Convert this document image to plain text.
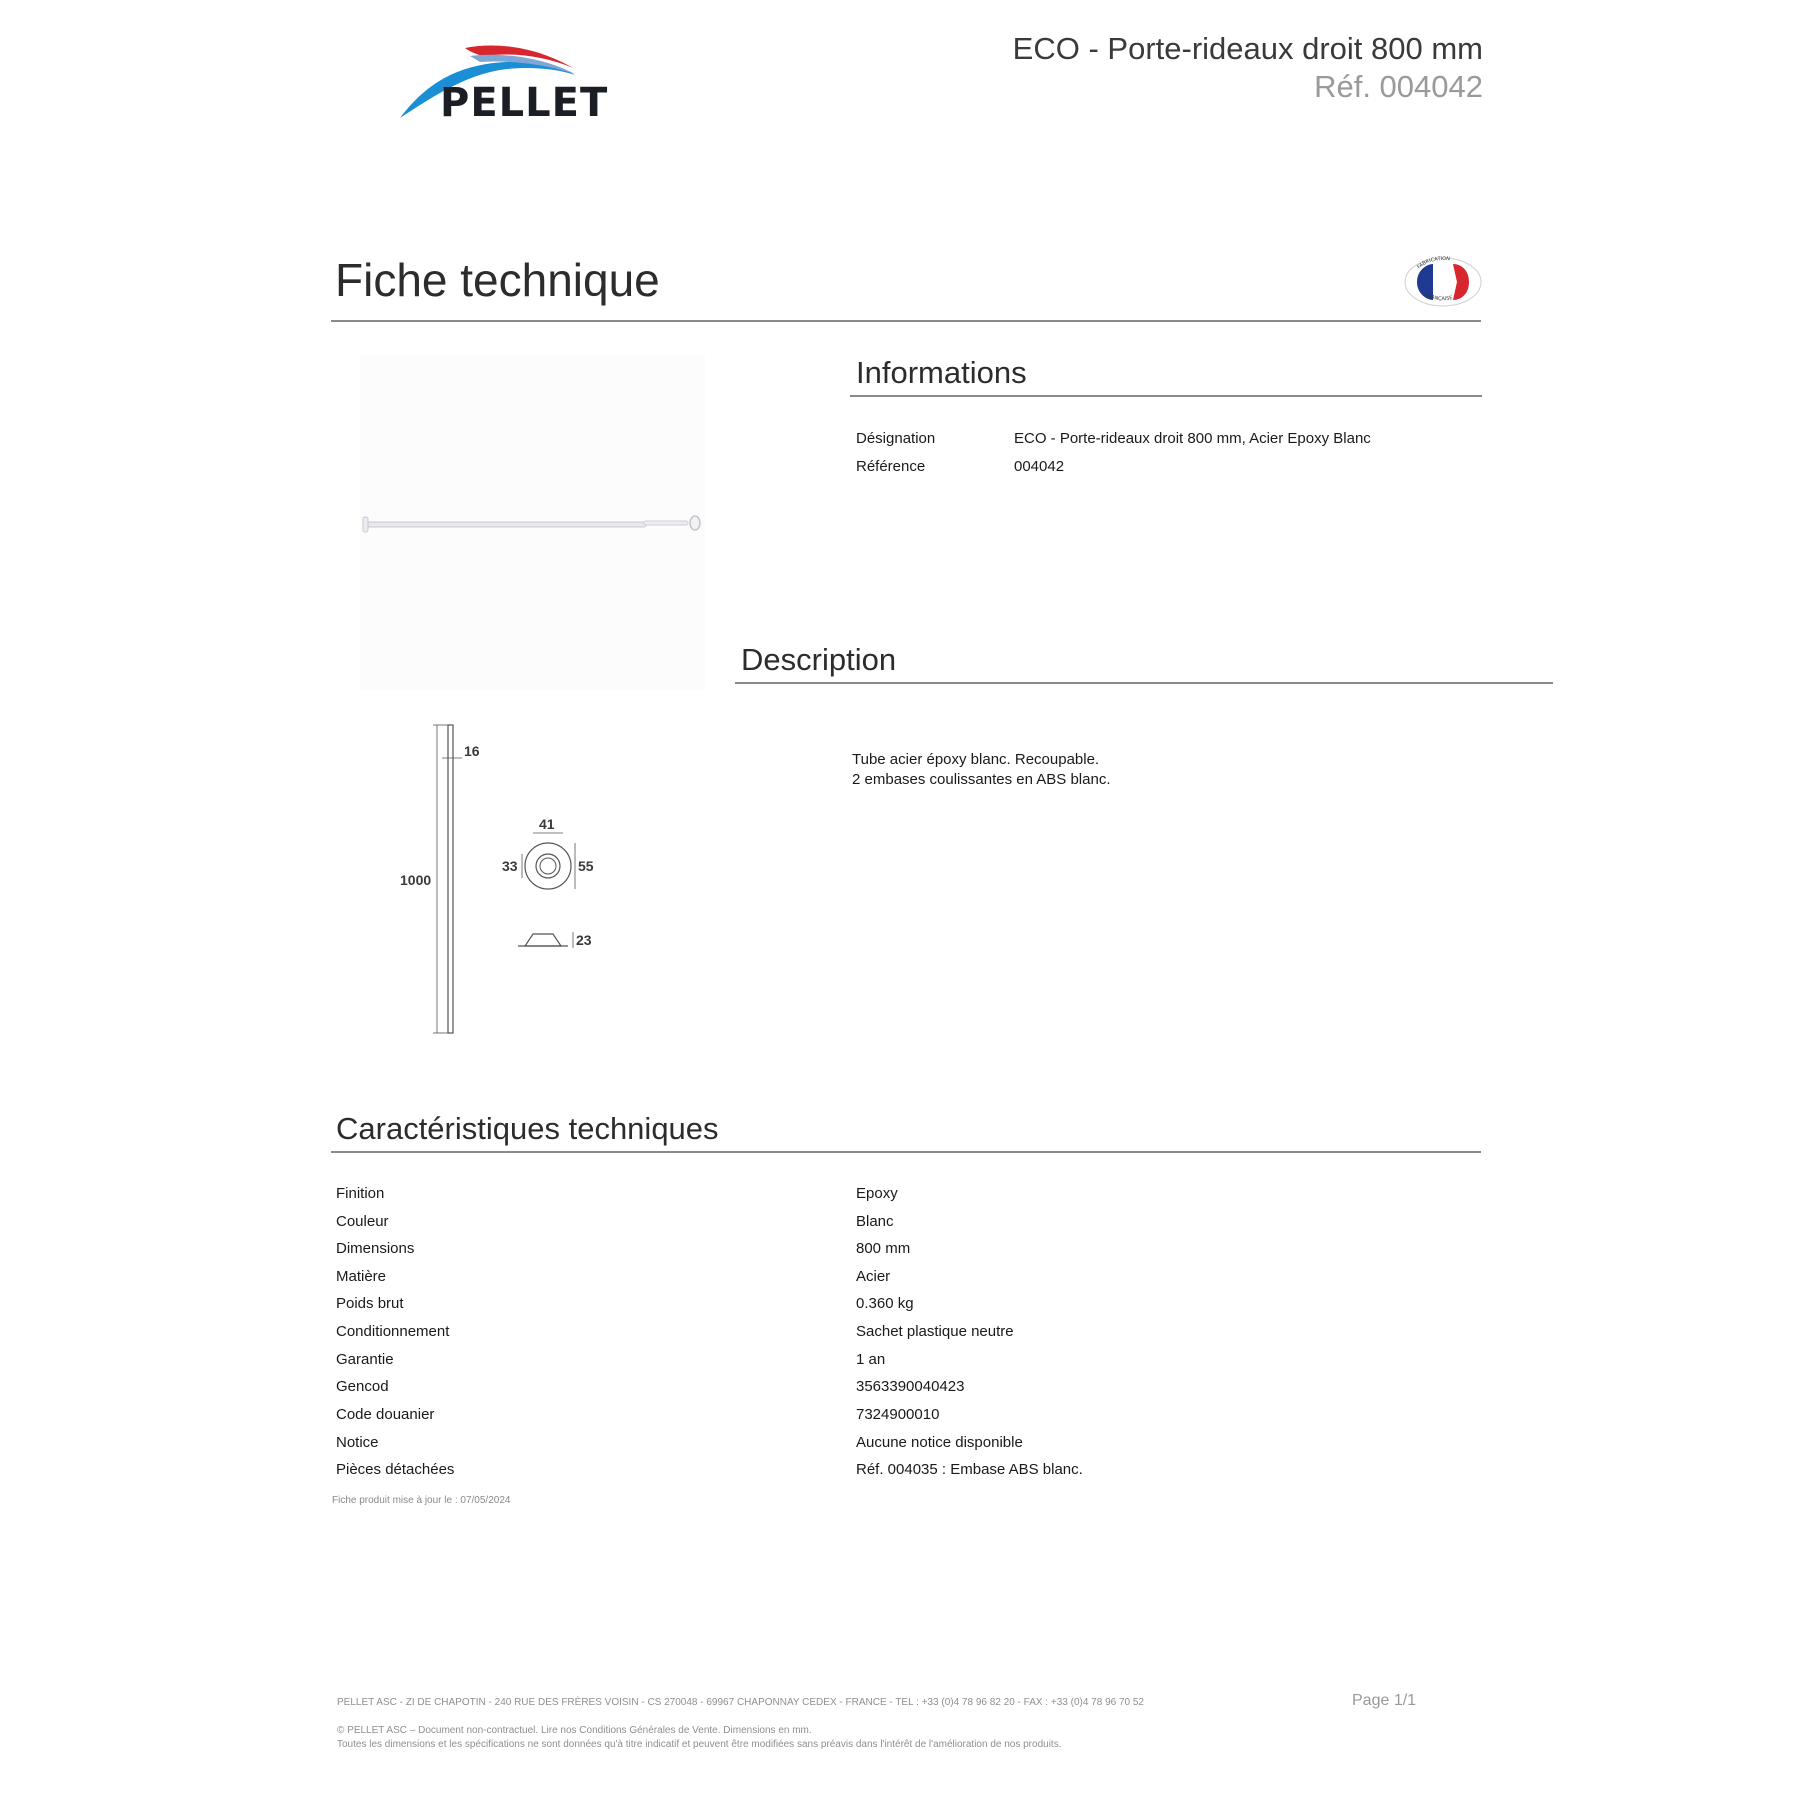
PELLET
ECO - Porte-rideaux droit 800 mm
Réf. 004042
Fiche technique	FABRICATION
FRANÇAISE
16
1000
41
33	55
23
Informations
Désignation	ECO - Porte-rideaux droit 800 mm, Acier Epoxy Blanc
Référence	004042
Description
Tube acier époxy blanc. Recoupable.
2 embases coulissantes en ABS blanc.
Caractéristiques techniques
Finition	Epoxy
Couleur	Blanc
Dimensions	800 mm
Matière	Acier
Poids brut	0.360 kg
Conditionnement	Sachet plastique neutre
Garantie	1 an
Gencod	3563390040423
Code douanier	7324900010
Notice	Aucune notice disponible
Pièces détachées	Réf. 004035 : Embase ABS blanc.
Fiche produit mise à jour le : 07/05/2024
PELLET ASC - ZI DE CHAPOTIN - 240 RUE DES FRÈRES VOISIN - CS 270048 - 69967 CHAPONNAY CEDEX - FRANCE - TEL : +33 (0)4 78 96 82 20 - FAX : +33 (0)4 78 96 70 52	Page 1/1
© PELLET ASC – Document non-contractuel. Lire nos Conditions Générales de Vente. Dimensions en mm.
Toutes les dimensions et les spécifications ne sont données qu'à titre indicatif et peuvent être modifiées sans préavis dans l'intérêt de l'amélioration de nos produits.
